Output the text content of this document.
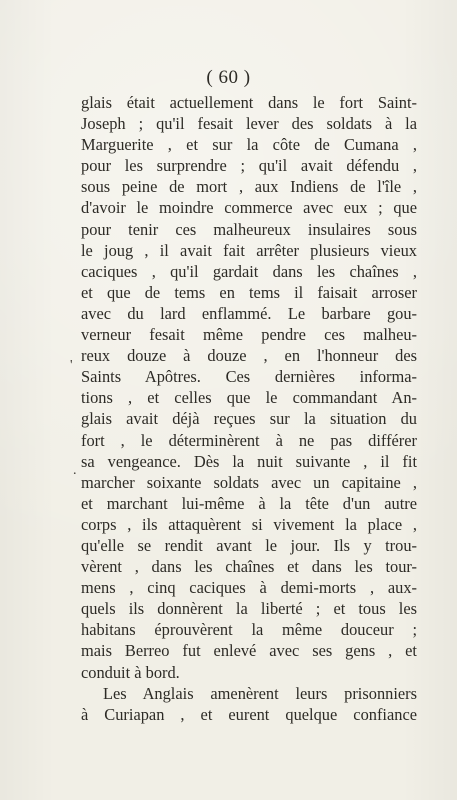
( 60 )
'
.
glais était actuellement dans le fort Saint-
Joseph ; qu'il fesait lever des soldats à la
Marguerite , et sur la côte de Cumana ,
pour les surprendre ; qu'il avait défendu ,
sous peine de mort , aux Indiens de l'île ,
d'avoir le moindre commerce avec eux ; que
pour tenir ces malheureux insulaires sous
le joug , il avait fait arrêter plusieurs vieux
caciques , qu'il gardait dans les chaînes ,
et que de tems en tems il faisait arroser
avec du lard enflammé. Le barbare gou-
verneur fesait même pendre ces malheu-
reux douze à douze , en l'honneur des
Saints Apôtres. Ces dernières informa-
tions , et celles que le commandant An-
glais avait déjà reçues sur la situation du
fort , le déterminèrent à ne pas différer
sa vengeance. Dès la nuit suivante , il fit
marcher soixante soldats avec un capitaine ,
et marchant lui-même à la tête d'un autre
corps , ils attaquèrent si vivement la place ,
qu'elle se rendit avant le jour. Ils y trou-
vèrent , dans les chaînes et dans les tour-
mens , cinq caciques à demi-morts , aux-
quels ils donnèrent la liberté ; et tous les
habitans éprouvèrent la même douceur ;
mais Berreo fut enlevé avec ses gens , et
conduit à bord.
Les Anglais amenèrent leurs prisonniers
à Curiapan , et eurent quelque confiance
